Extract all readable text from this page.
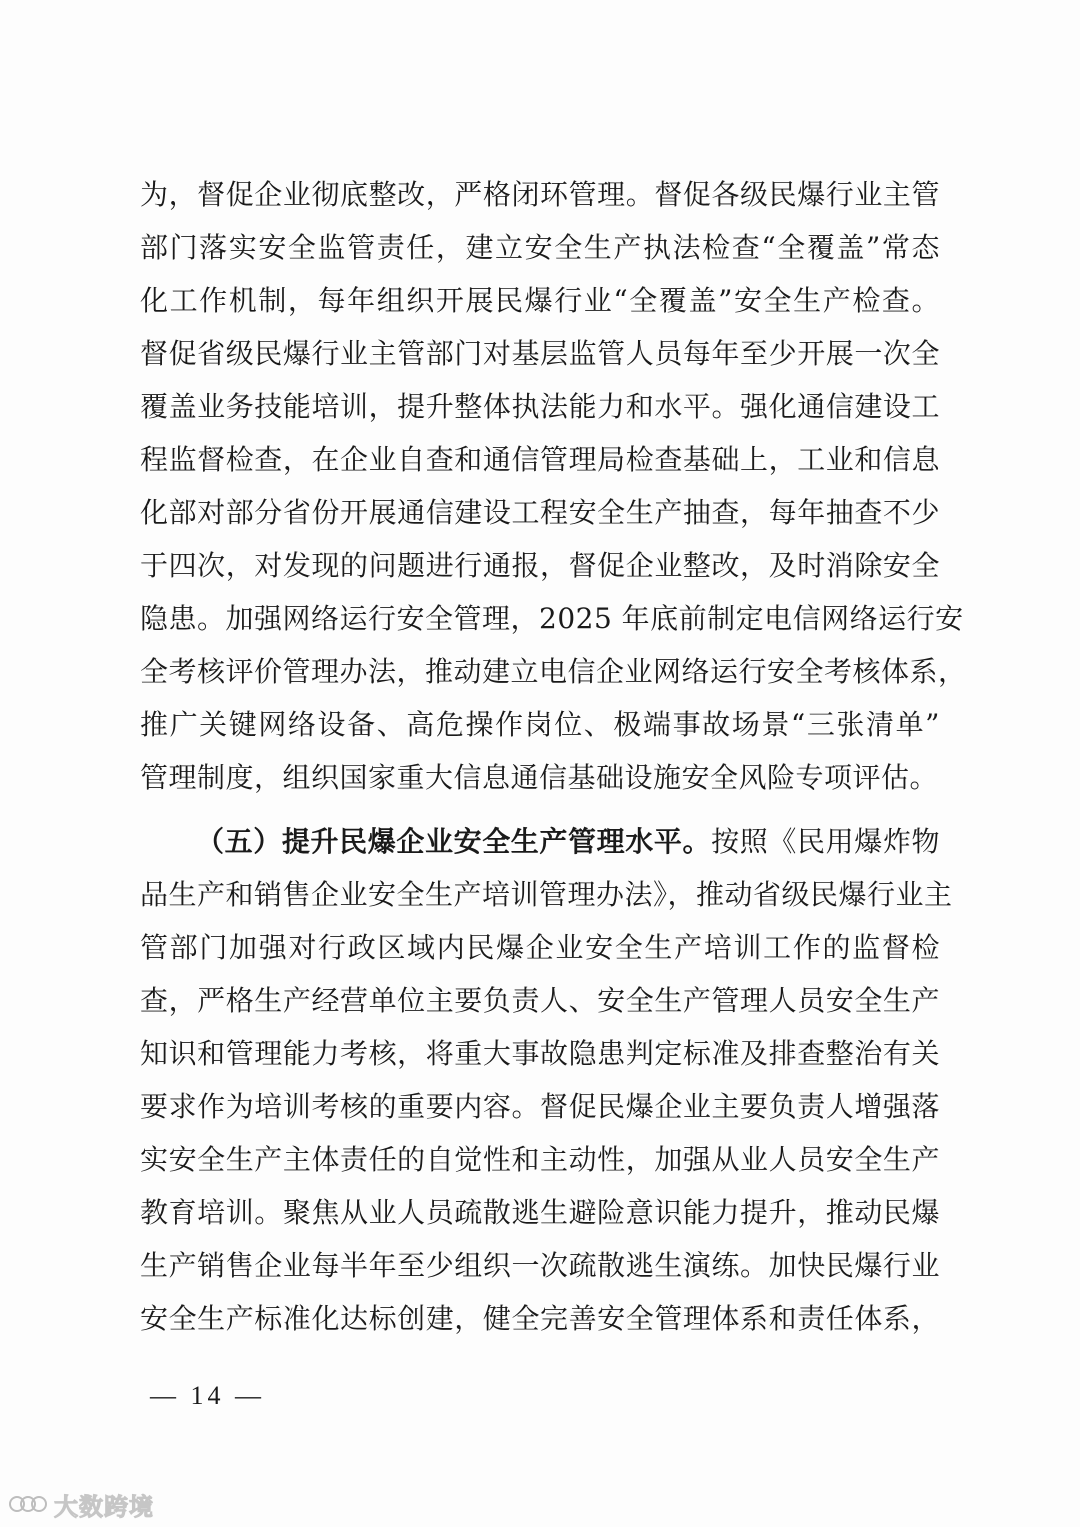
为，督促企业彻底整改，严格闭环管理。督促各级民爆行业主管
部门落实安全监管责任，建立安全生产执法检查“全覆盖”常态
化工作机制，每年组织开展民爆行业“全覆盖”安全生产检查。
督促省级民爆行业主管部门对基层监管人员每年至少开展一次全
覆盖业务技能培训，提升整体执法能力和水平。强化通信建设工
程监督检查，在企业自查和通信管理局检查基础上，工业和信息
化部对部分省份开展通信建设工程安全生产抽查，每年抽查不少
于四次，对发现的问题进行通报，督促企业整改，及时消除安全
隐患。加强网络运行安全管理，2025 年底前制定电信网络运行安
全考核评价管理办法，推动建立电信企业网络运行安全考核体系，
推广关键网络设备、高危操作岗位、极端事故场景“三张清单”
管理制度，组织国家重大信息通信基础设施安全风险专项评估。
（五）提升民爆企业安全生产管理水平。按照《民用爆炸物
品生产和销售企业安全生产培训管理办法》，推动省级民爆行业主
管部门加强对行政区域内民爆企业安全生产培训工作的监督检
查，严格生产经营单位主要负责人、安全生产管理人员安全生产
知识和管理能力考核，将重大事故隐患判定标准及排查整治有关
要求作为培训考核的重要内容。督促民爆企业主要负责人增强落
实安全生产主体责任的自觉性和主动性，加强从业人员安全生产
教育培训。聚焦从业人员疏散逃生避险意识能力提升，推动民爆
生产销售企业每半年至少组织一次疏散逃生演练。加快民爆行业
安全生产标准化达标创建，健全完善安全管理体系和责任体系，
— 14 —
大数跨境
